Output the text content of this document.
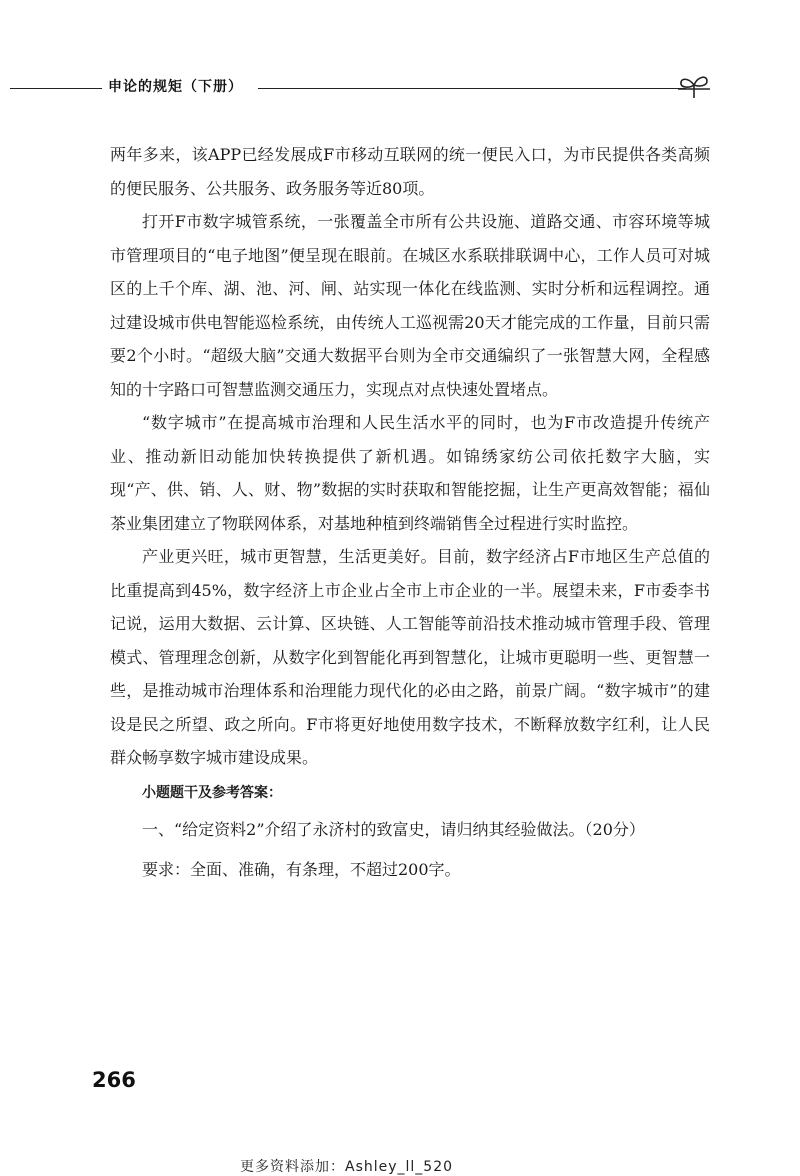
申论的规矩（下册）

两年多来，该APP已经发展成F市移动互联网的统一便民入口，为市民提供各类高频的便民服务、公共服务、政务服务等近80项。

打开F市数字城管系统，一张覆盖全市所有公共设施、道路交通、市容环境等城市管理项目的“电子地图”便呈现在眼前。在城区水系联排联调中心，工作人员可对城区的上千个库、湖、池、河、闸、站实现一体化在线监测、实时分析和远程调控。通过建设城市供电智能巡检系统，由传统人工巡视需20天才能完成的工作量，目前只需要2个小时。“超级大脑”交通大数据平台则为全市交通编织了一张智慧大网，全程感知的十字路口可智慧监测交通压力，实现点对点快速处置堵点。

“数字城市”在提高城市治理和人民生活水平的同时，也为F市改造提升传统产业、推动新旧动能加快转换提供了新机遇。如锦绣家纺公司依托数字大脑，实现“产、供、销、人、财、物”数据的实时获取和智能挖掘，让生产更高效智能；福仙茶业集团建立了物联网体系，对基地种植到终端销售全过程进行实时监控。

产业更兴旺，城市更智慧，生活更美好。目前，数字经济占F市地区生产总值的比重提高到45%，数字经济上市企业占全市上市企业的一半。展望未来，F市委李书记说，运用大数据、云计算、区块链、人工智能等前沿技术推动城市管理手段、管理模式、管理理念创新，从数字化到智能化再到智慧化，让城市更聪明一些、更智慧一些，是推动城市治理体系和治理能力现代化的必由之路，前景广阔。“数字城市”的建设是民之所望、政之所向。F市将更好地使用数字技术，不断释放数字红利，让人民群众畅享数字城市建设成果。

小题题干及参考答案：

一、“给定资料2”介绍了永济村的致富史，请归纳其经验做法。（20分）

要求：全面、准确，有条理，不超过200字。

266
更多资料添加：Ashley_ll_520
